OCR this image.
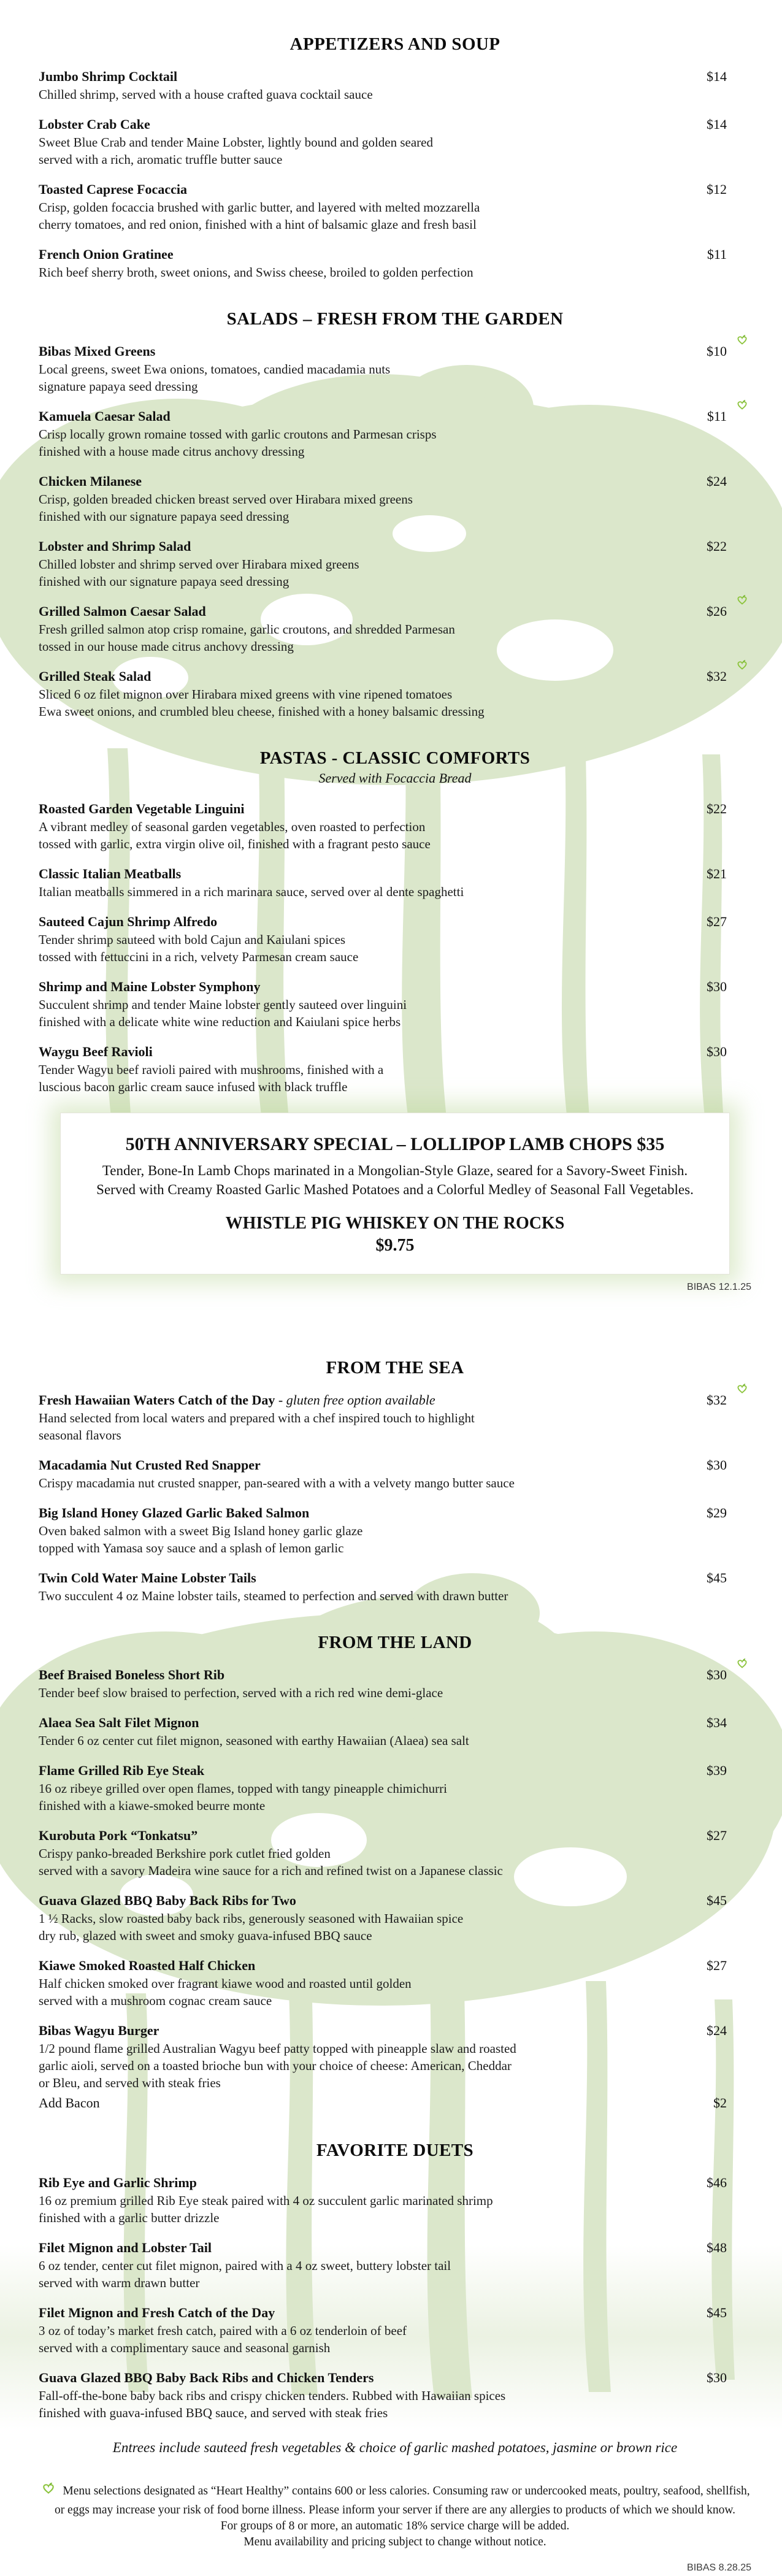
APPETIZERS AND SOUP
Jumbo Shrimp Cocktail	$14
Chilled shrimp, served with a house crafted guava cocktail sauce
Lobster Crab Cake	$14
Sweet Blue Crab and tender Maine Lobster, lightly bound and golden seared
served with a rich, aromatic truffle butter sauce
Toasted Caprese Focaccia	$12
Crisp, golden focaccia brushed with garlic butter, and layered with melted mozzarella
cherry tomatoes, and red onion, finished with a hint of balsamic glaze and fresh basil
French Onion Gratinee	$11
Rich beef sherry broth, sweet onions, and Swiss cheese, broiled to golden perfection
SALADS – FRESH FROM THE GARDEN
Bibas Mixed Greens	$10
Local greens, sweet Ewa onions, tomatoes, candied macadamia nuts
signature papaya seed dressing
Kamuela Caesar Salad	$11
Crisp locally grown romaine tossed with garlic croutons and Parmesan crisps
finished with a house made citrus anchovy dressing
Chicken Milanese	$24
Crisp, golden breaded chicken breast served over Hirabara mixed greens
finished with our signature papaya seed dressing
Lobster and Shrimp Salad	$22
Chilled lobster and shrimp served over Hirabara mixed greens
finished with our signature papaya seed dressing
Grilled Salmon Caesar Salad	$26
Fresh grilled salmon atop crisp romaine, garlic croutons, and shredded Parmesan
tossed in our house made citrus anchovy dressing
Grilled Steak Salad	$32
Sliced 6 oz filet mignon over Hirabara mixed greens with vine ripened tomatoes
Ewa sweet onions, and crumbled bleu cheese, finished with a honey balsamic dressing
PASTAS - CLASSIC COMFORTS
Served with Focaccia Bread
Roasted Garden Vegetable Linguini	$22
A vibrant medley of seasonal garden vegetables, oven roasted to perfection
tossed with garlic, extra virgin olive oil, finished with a fragrant pesto sauce
Classic Italian Meatballs	$21
Italian meatballs simmered in a rich marinara sauce, served over al dente spaghetti
Sauteed Cajun Shrimp Alfredo	$27
Tender shrimp sauteed with bold Cajun and Kaiulani spices
tossed with fettuccini in a rich, velvety Parmesan cream sauce
Shrimp and Maine Lobster Symphony	$30
Succulent shrimp and tender Maine lobster gently sauteed over linguini
finished with a delicate white wine reduction and Kaiulani spice herbs
Waygu Beef Ravioli	$30
Tender Wagyu beef ravioli paired with mushrooms, finished with a
luscious bacon garlic cream sauce infused with black truffle
50TH ANNIVERSARY SPECIAL – LOLLIPOP LAMB CHOPS $35
Tender, Bone-In Lamb Chops marinated in a Mongolian-Style Glaze, seared for a Savory-Sweet Finish.
Served with Creamy Roasted Garlic Mashed Potatoes and a Colorful Medley of Seasonal Fall Vegetables.
WHISTLE PIG WHISKEY ON THE ROCKS
$9.75
BIBAS 12.1.25
FROM THE SEA
Fresh Hawaiian Waters Catch of the Day - gluten free option available	$32
Hand selected from local waters and prepared with a chef inspired touch to highlight
seasonal flavors
Macadamia Nut Crusted Red Snapper	$30
Crispy macadamia nut crusted snapper, pan-seared with a with a velvety mango butter sauce
Big Island Honey Glazed Garlic Baked Salmon	$29
Oven baked salmon with a sweet Big Island honey garlic glaze
topped with Yamasa soy sauce and a splash of lemon garlic
Twin Cold Water Maine Lobster Tails	$45
Two succulent 4 oz Maine lobster tails, steamed to perfection and served with drawn butter
FROM THE LAND
Beef Braised Boneless Short Rib	$30
Tender beef slow braised to perfection, served with a rich red wine demi-glace
Alaea Sea Salt Filet Mignon	$34
Tender 6 oz center cut filet mignon, seasoned with earthy Hawaiian (Alaea) sea salt
Flame Grilled Rib Eye Steak	$39
16 oz ribeye grilled over open flames, topped with tangy pineapple chimichurri
finished with a kiawe-smoked beurre monte
Kurobuta Pork “Tonkatsu”	$27
Crispy panko-breaded Berkshire pork cutlet fried golden
served with a savory Madeira wine sauce for a rich and refined twist on a Japanese classic
Guava Glazed BBQ Baby Back Ribs for Two	$45
1 ½ Racks, slow roasted baby back ribs, generously seasoned with Hawaiian spice
dry rub, glazed with sweet and smoky guava-infused BBQ sauce
Kiawe Smoked Roasted Half Chicken	$27
Half chicken smoked over fragrant kiawe wood and roasted until golden
served with a mushroom cognac cream sauce
Bibas Wagyu Burger	$24
1/2 pound flame grilled Australian Wagyu beef patty topped with pineapple slaw and roasted
garlic aioli, served on a toasted brioche bun with your choice of cheese: American, Cheddar
or Bleu, and served with steak fries
Add Bacon	$2
FAVORITE DUETS
Rib Eye and Garlic Shrimp	$46
16 oz premium grilled Rib Eye steak paired with 4 oz succulent garlic marinated shrimp
finished with a garlic butter drizzle
Filet Mignon and Lobster Tail	$48
6 oz tender, center cut filet mignon, paired with a 4 oz sweet, buttery lobster tail
served with warm drawn butter
Filet Mignon and Fresh Catch of the Day	$45
3 oz of today’s market fresh catch, paired with a 6 oz tenderloin of beef
served with a complimentary sauce and seasonal garnish
Guava Glazed BBQ Baby Back Ribs and Chicken Tenders	$30
Fall-off-the-bone baby back ribs and crispy chicken tenders. Rubbed with Hawaiian spices
finished with guava-infused BBQ sauce, and served with steak fries
Entrees include sauteed fresh vegetables & choice of garlic mashed potatoes, jasmine or brown rice
Menu selections designated as “Heart Healthy” contains 600 or less calories. Consuming raw or undercooked meats, poultry, seafood, shellfish,
or eggs may increase your risk of food borne illness. Please inform your server if there are any allergies to products of which we should know.
For groups of 8 or more, an automatic 18% service charge will be added.
Menu availability and pricing subject to change without notice.
BIBAS 8.28.25
